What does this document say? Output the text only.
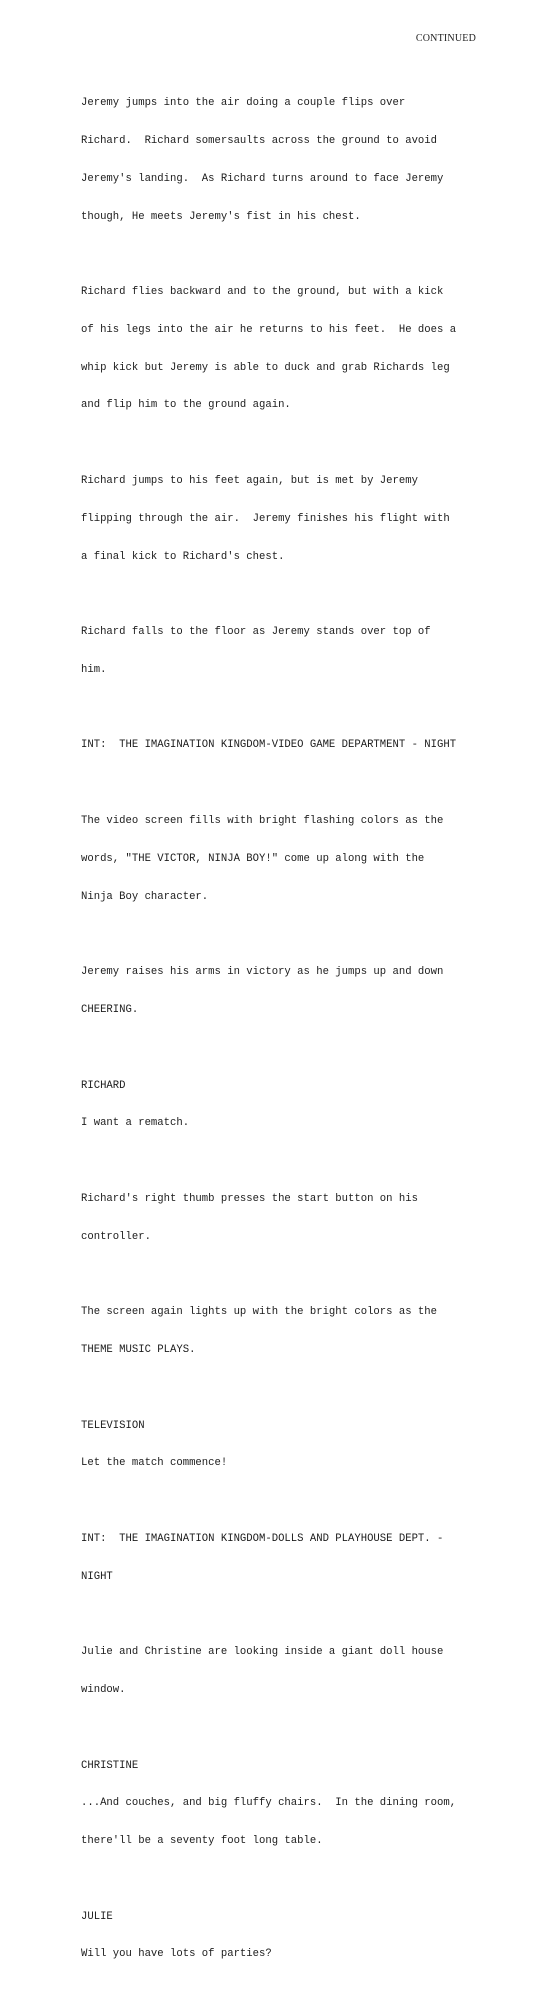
CONTINUED

Jeremy jumps into the air doing a couple flips over

Richard.  Richard somersaults across the ground to avoid

Jeremy's landing.  As Richard turns around to face Jeremy

though, He meets Jeremy's fist in his chest.

Richard flies backward and to the ground, but with a kick

of his legs into the air he returns to his feet.  He does a

whip kick but Jeremy is able to duck and grab Richards leg

and flip him to the ground again.

Richard jumps to his feet again, but is met by Jeremy

flipping through the air.  Jeremy finishes his flight with

a final kick to Richard's chest.

Richard falls to the floor as Jeremy stands over top of

him.

INT:  THE IMAGINATION KINGDOM-VIDEO GAME DEPARTMENT - NIGHT

The video screen fills with bright flashing colors as the

words, "THE VICTOR, NINJA BOY!" come up along with the

Ninja Boy character.

Jeremy raises his arms in victory as he jumps up and down

CHEERING.

RICHARD

I want a rematch.

Richard's right thumb presses the start button on his

controller.

The screen again lights up with the bright colors as the

THEME MUSIC PLAYS.

TELEVISION

Let the match commence!

INT:  THE IMAGINATION KINGDOM-DOLLS AND PLAYHOUSE DEPT. -

NIGHT

Julie and Christine are looking inside a giant doll house

window.

CHRISTINE

...And couches, and big fluffy chairs.  In the dining room,

there'll be a seventy foot long table.

JULIE

Will you have lots of parties?
